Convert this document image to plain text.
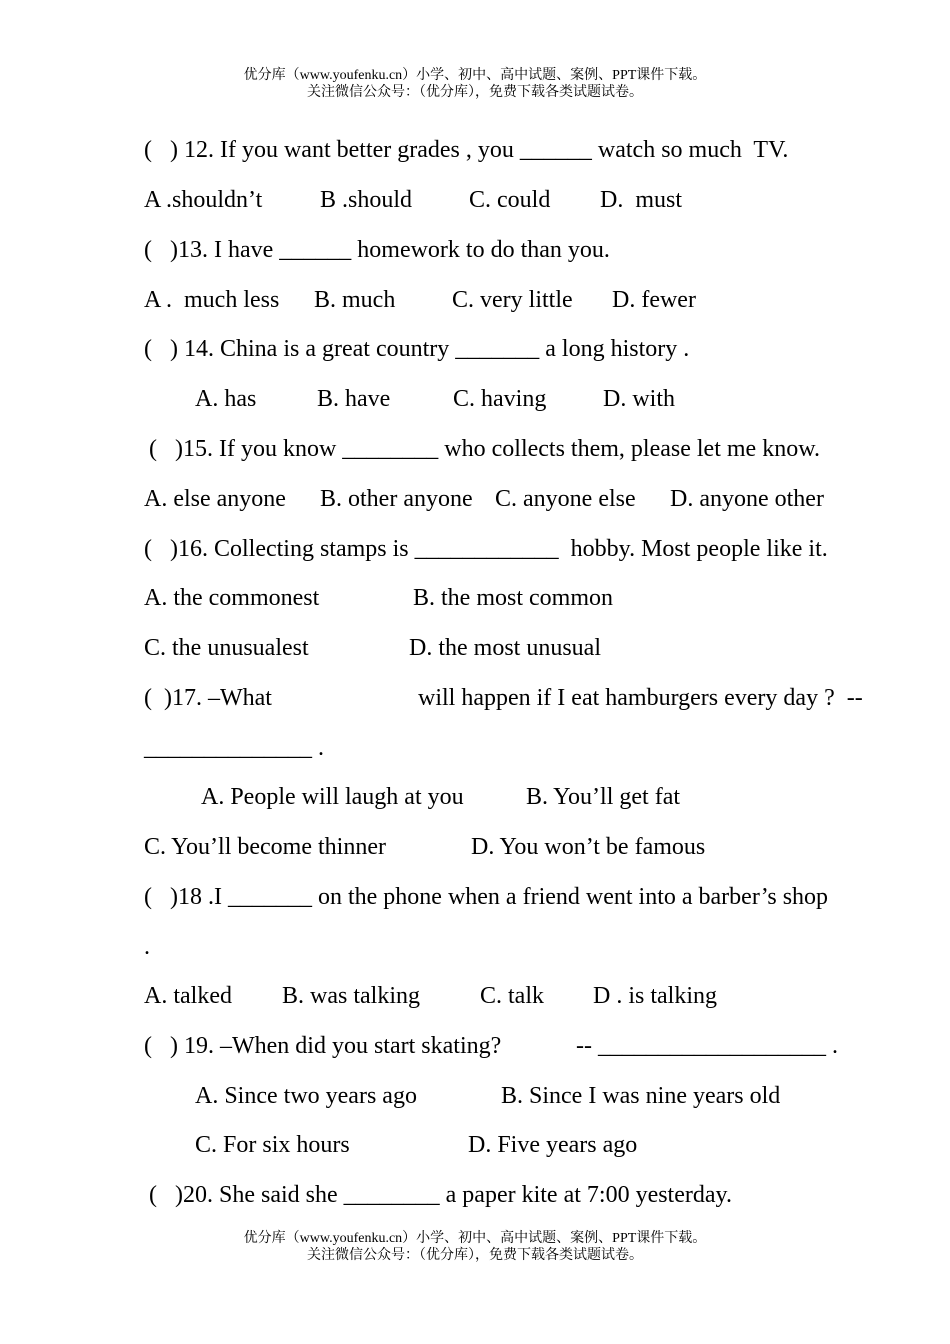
优分库（www.youfenku.cn）小学、初中、高中试题、案例、PPT课件下载。
关注微信公众号：（优分库），免费下载各类试题试卷。
(   ) 12. If you want better grades , you ______ watch so much  TV.

A .shouldn’t

B .should

C. could

D.  must

(   )13. I have ______ homework to do than you.

A .  much less

B. much

C. very little

D. fewer

(   ) 14. China is a great country _______ a long history .

A. has

	B. have

	C. having

D. with

(   )15. If you know ________ who collects them, please let me know.

A. else anyone

B. other anyone

C. anyone else

D. anyone other

(   )16. Collecting stamps is ____________  hobby. Most people like it.

A. the commonest

	B. the most common

C. the unusualest

	D. the most unusual

(  )17. –What

	will happen if I eat hamburgers every day ?  --

______________ .

A. People will laugh at you

	B. You’ll get fat

C. You’ll become thinner

	D. You won’t be famous

(   )18 .I _______ on the phone when a friend went into a barber’s shop
.

A. talked

B. was talking

	C. talk

D . is talking

(   ) 19. –When did you start skating?

	-- ___________________ .

A. Since two years ago

	B. Since I was nine years old

C. For six hours

	D. Five years ago

(   )20. She said she ________ a paper kite at 7:00 yesterday.
优分库（www.youfenku.cn）小学、初中、高中试题、案例、PPT课件下载。
关注微信公众号：（优分库），免费下载各类试题试卷。
